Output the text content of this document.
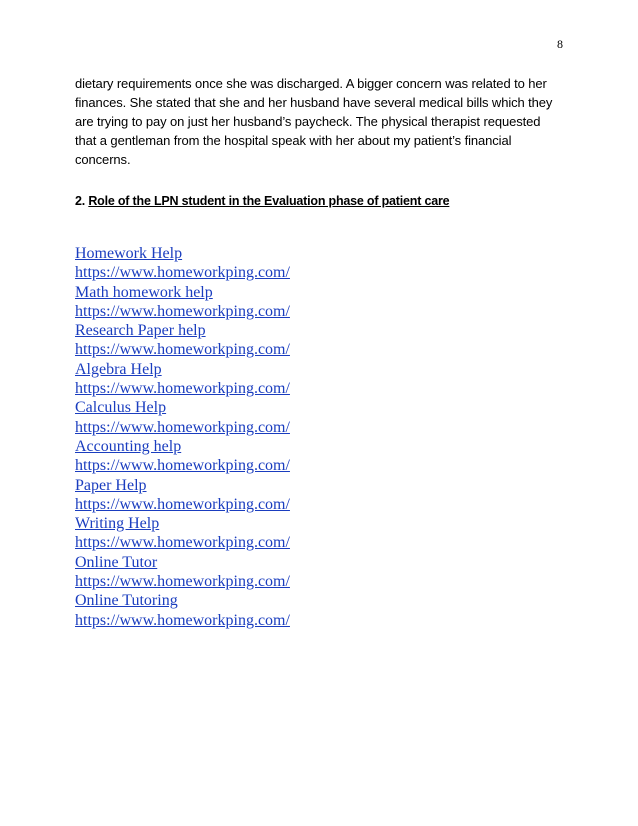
8
dietary requirements once she was discharged. A bigger concern was related to her
finances. She stated that she and her husband have several medical bills which they
are trying to pay on just her husband’s paycheck. The physical therapist requested
that a gentleman from the hospital speak with her about my patient’s financial
concerns.
2. Role of the LPN student in the Evaluation phase of patient care
Homework Help
https://www.homeworkping.com/
Math homework help
https://www.homeworkping.com/
Research Paper help
https://www.homeworkping.com/
Algebra Help
https://www.homeworkping.com/
Calculus Help
https://www.homeworkping.com/
Accounting help
https://www.homeworkping.com/
Paper Help
https://www.homeworkping.com/
Writing Help
https://www.homeworkping.com/
Online Tutor
https://www.homeworkping.com/
Online Tutoring
https://www.homeworkping.com/
